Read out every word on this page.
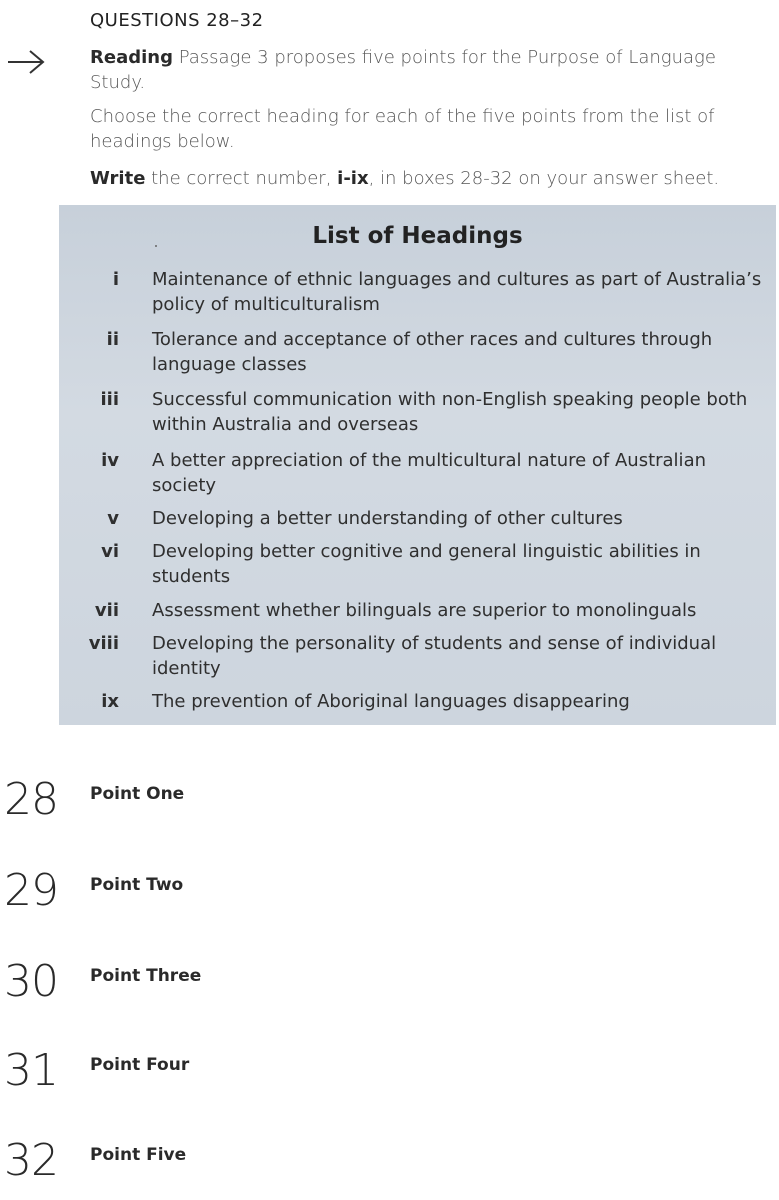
QUESTIONS 28–32
Reading Passage 3 proposes five points for the Purpose of Language Study.
Choose the correct heading for each of the five points from the list of headings below.
Write the correct number, i-ix, in boxes 28-32 on your answer sheet.
List of Headings
i Maintenance of ethnic languages and cultures as part of Australia’s policy of multiculturalism
ii Tolerance and acceptance of other races and cultures through language classes
iii Successful communication with non-English speaking people both within Australia and overseas
iv A better appreciation of the multicultural nature of Australian society
v Developing a better understanding of other cultures
vi Developing better cognitive and general linguistic abilities in students
vii Assessment whether bilinguals are superior to monolinguals
viii Developing the personality of students and sense of individual identity
ix The prevention of Aboriginal languages disappearing
28 Point One
29 Point Two
30 Point Three
31 Point Four
32 Point Five
